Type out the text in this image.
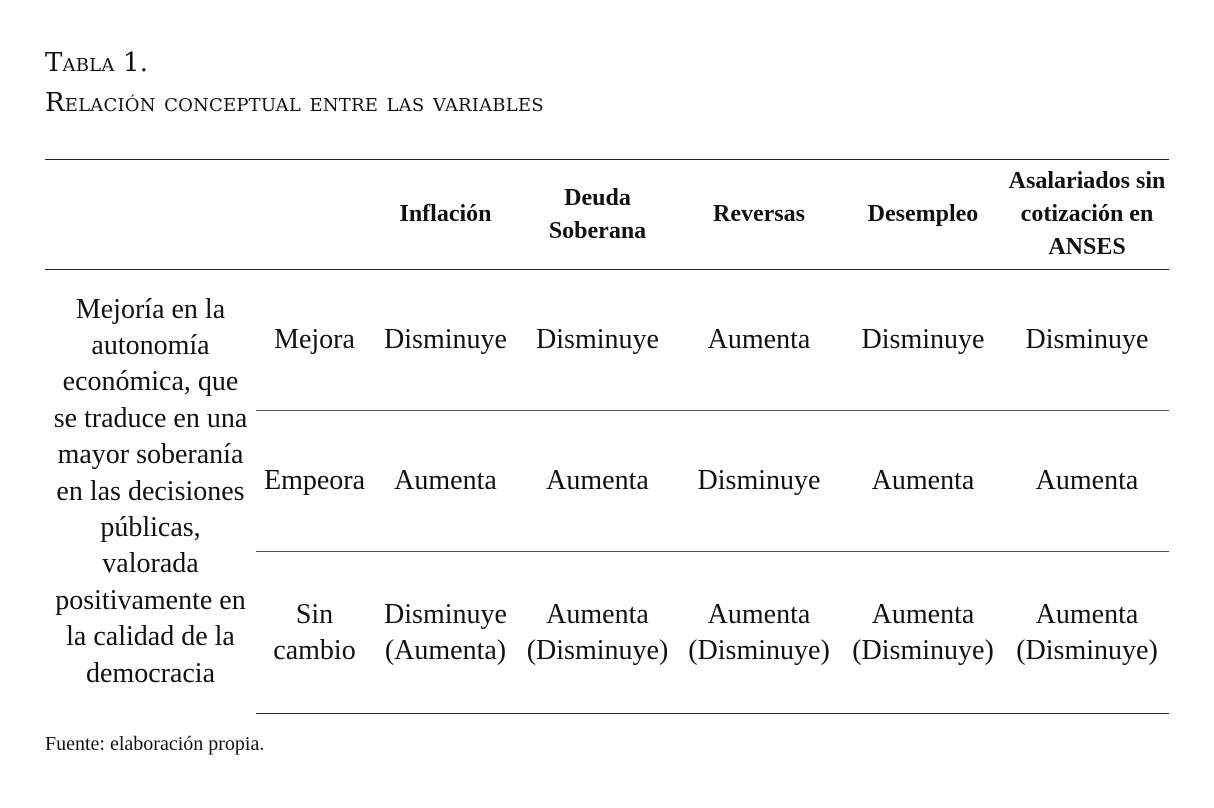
Tabla 1.
Relación conceptual entre las variables
		Inflación	Deuda Soberana	Reversas	Desempleo	Asalariados sin cotización en ANSES
Mejoría en la autonomía económica, que se traduce en una mayor soberanía en las decisiones públicas, valorada positivamente en la calidad de la democracia	Mejora	Disminuye	Disminuye	Aumenta	Disminuye	Disminuye
	Empeora	Aumenta	Aumenta	Disminuye	Aumenta	Aumenta
	Sin cambio	Disminuye (Aumenta)	Aumenta (Disminuye)	Aumenta (Disminuye)	Aumenta (Disminuye)	Aumenta (Disminuye)
Fuente: elaboración propia.
